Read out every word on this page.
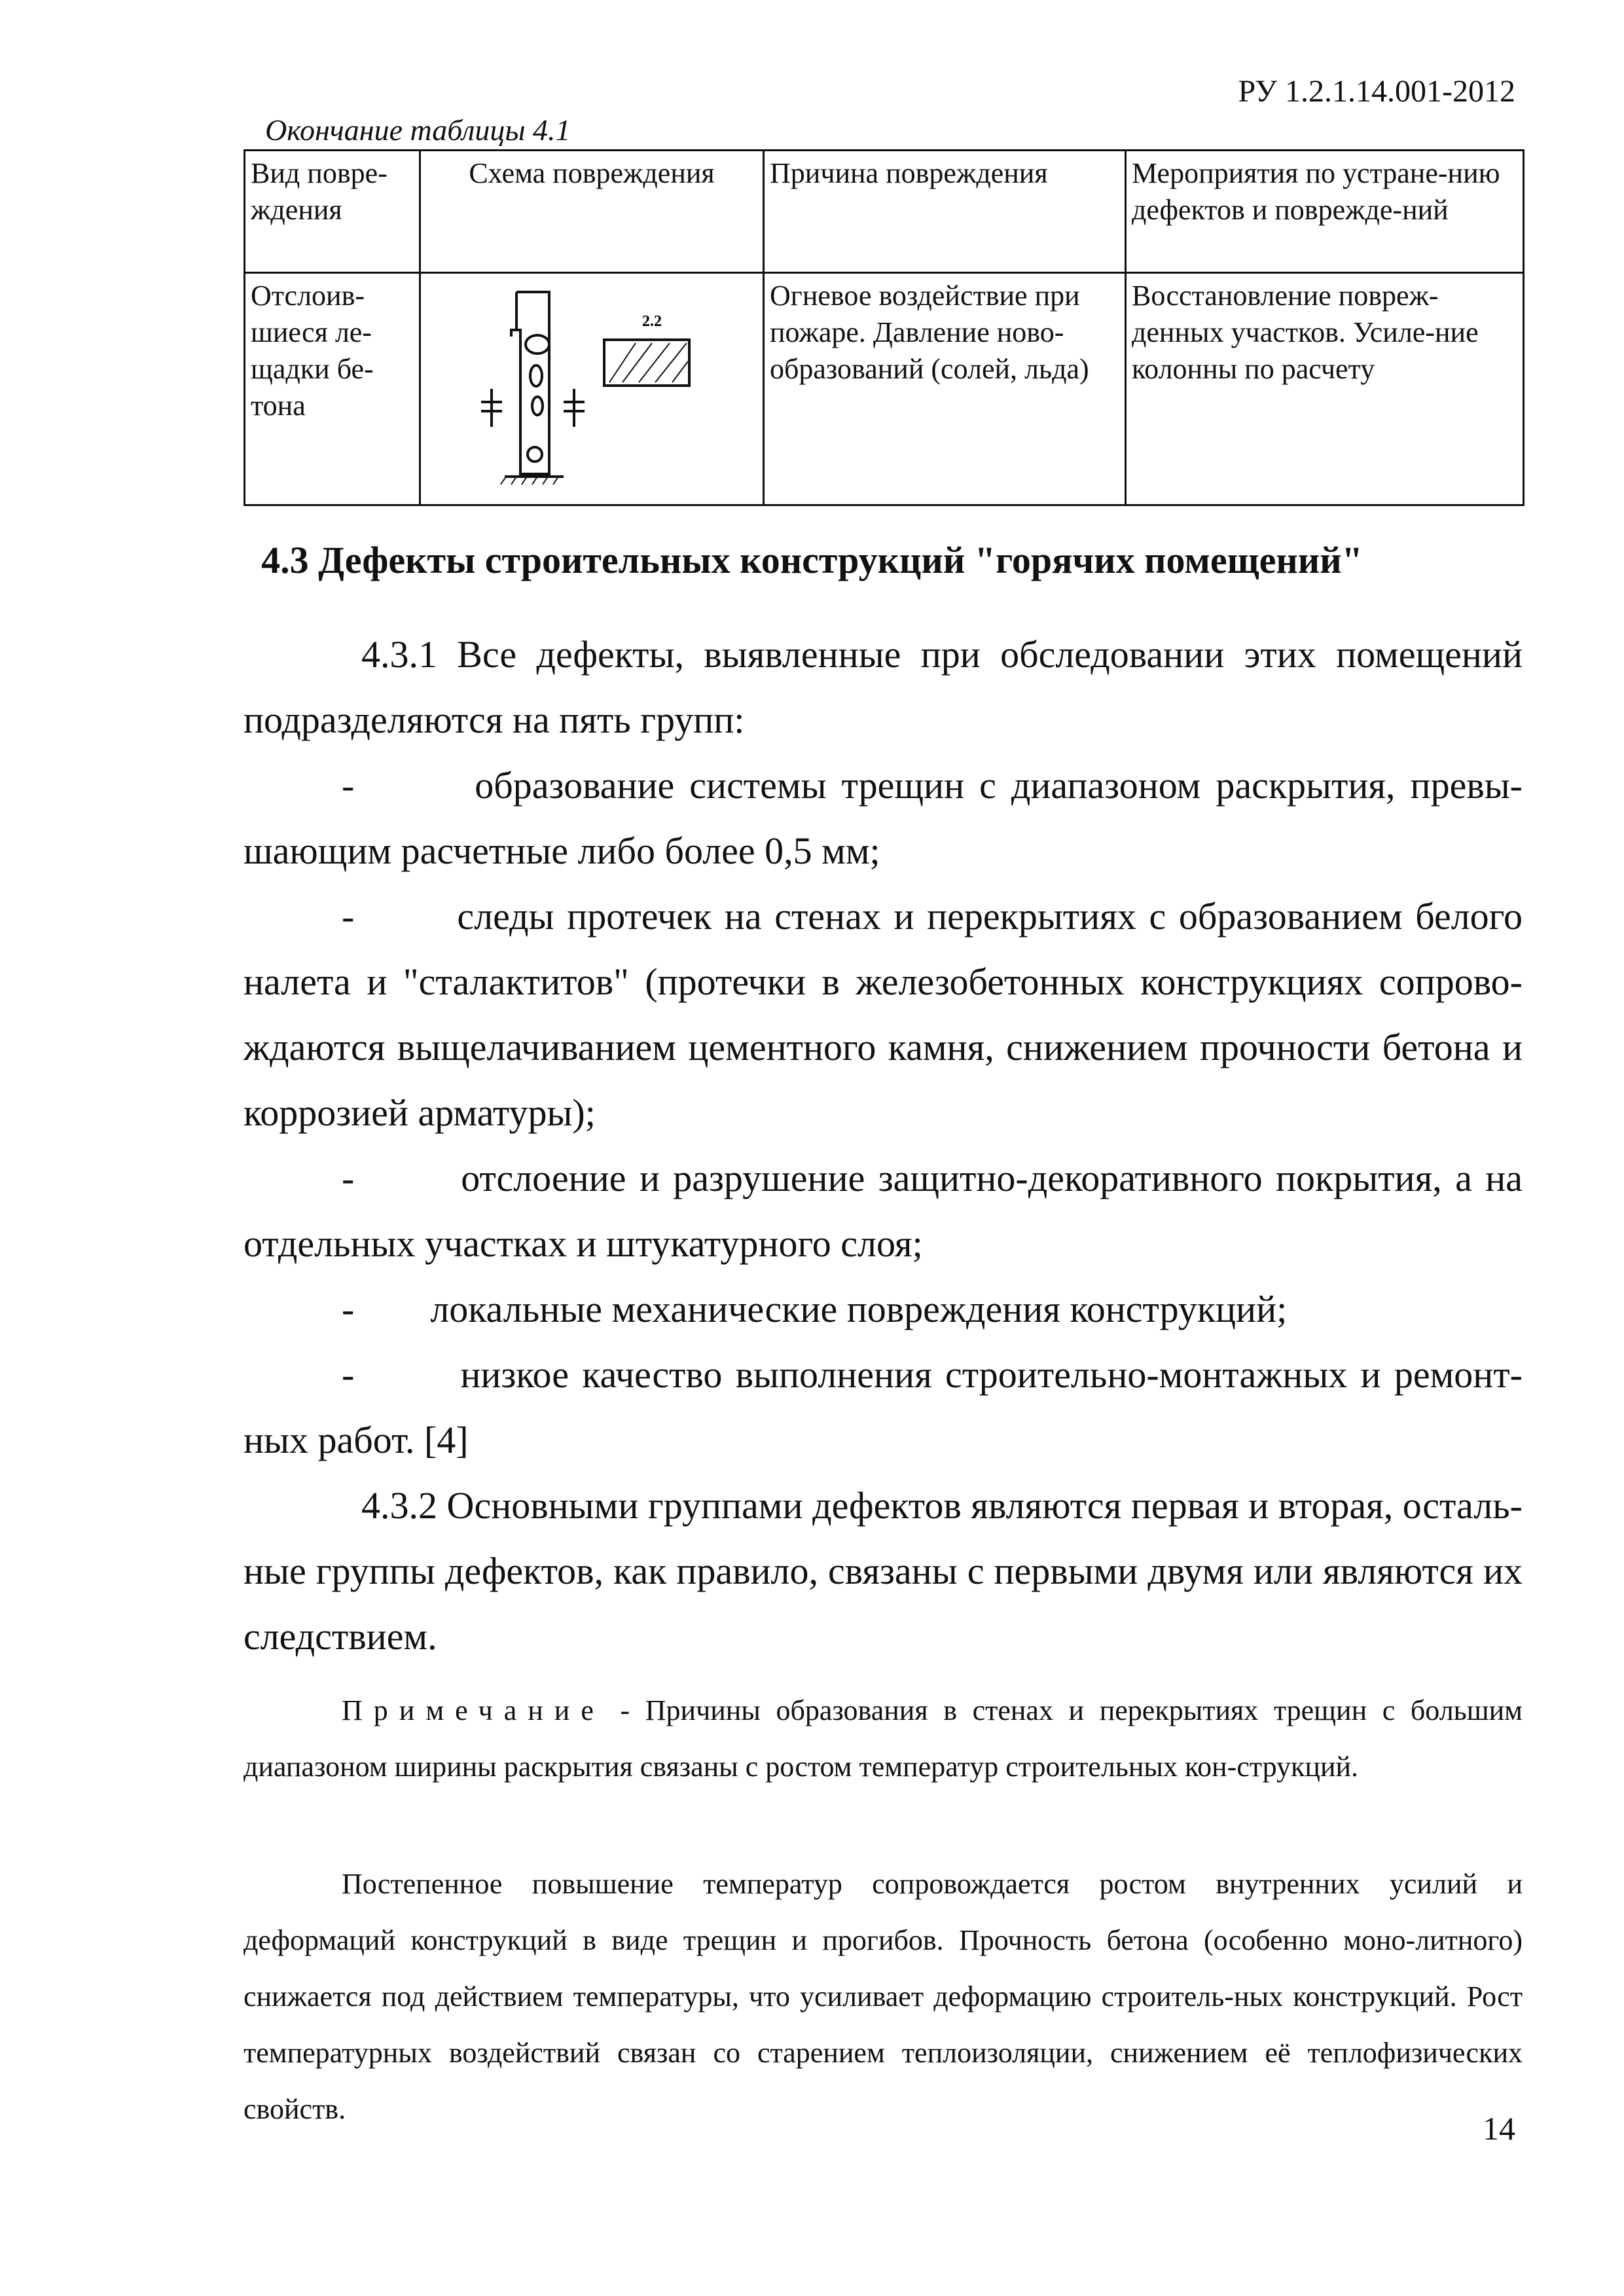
РУ 1.2.1.14.001-2012
Окончание таблицы 4.1
Вид повре-ждения	Схема повреждения	Причина повреждения	Мероприятия по устране-нию дефектов и поврежде-ний
Отслоив-шиеся ле-щадки бе-тона	2.2	Огневое воздействие при пожаре. Давление ново-образований (солей, льда)	Восстановление повреж-денных участков. Усиле-ние колонны по расчету
4.3 Дефекты строительных конструкций "горячих помещений"

4.3.1 Все дефекты, выявленные при обследовании этих помещений подразделяются на пять групп:

-        образование системы трещин с диапазоном раскрытия, превы-шающим расчетные либо более 0,5 мм;

-        следы протечек на стенах и перекрытиях с образованием белого налета и "сталактитов" (протечки в железобетонных конструкциях сопрово-ждаются выщелачиванием цементного камня, снижением прочности бетона и коррозией арматуры);

-        отслоение и разрушение защитно-декоративного покрытия, а на отдельных участках и штукатурного слоя;

-        локальные механические повреждения конструкций;

-        низкое качество выполнения строительно-монтажных и ремонт-ных работ. [4]

4.3.2 Основными группами дефектов являются первая и вторая, осталь-ные группы дефектов, как правило, связаны с первыми двумя или являются их следствием.

Примечание - Причины образования в стенах и перекрытиях трещин с большим диапазоном ширины раскрытия связаны с ростом температур строительных кон-струкций.

Постепенное повышение температур сопровождается ростом внутренних усилий и деформаций конструкций в виде трещин и прогибов. Прочность бетона (особенно моно-литного) снижается под действием температуры, что усиливает деформацию строитель-ных конструкций. Рост температурных воздействий связан со старением теплоизоляции, снижением её теплофизических свойств.

14
